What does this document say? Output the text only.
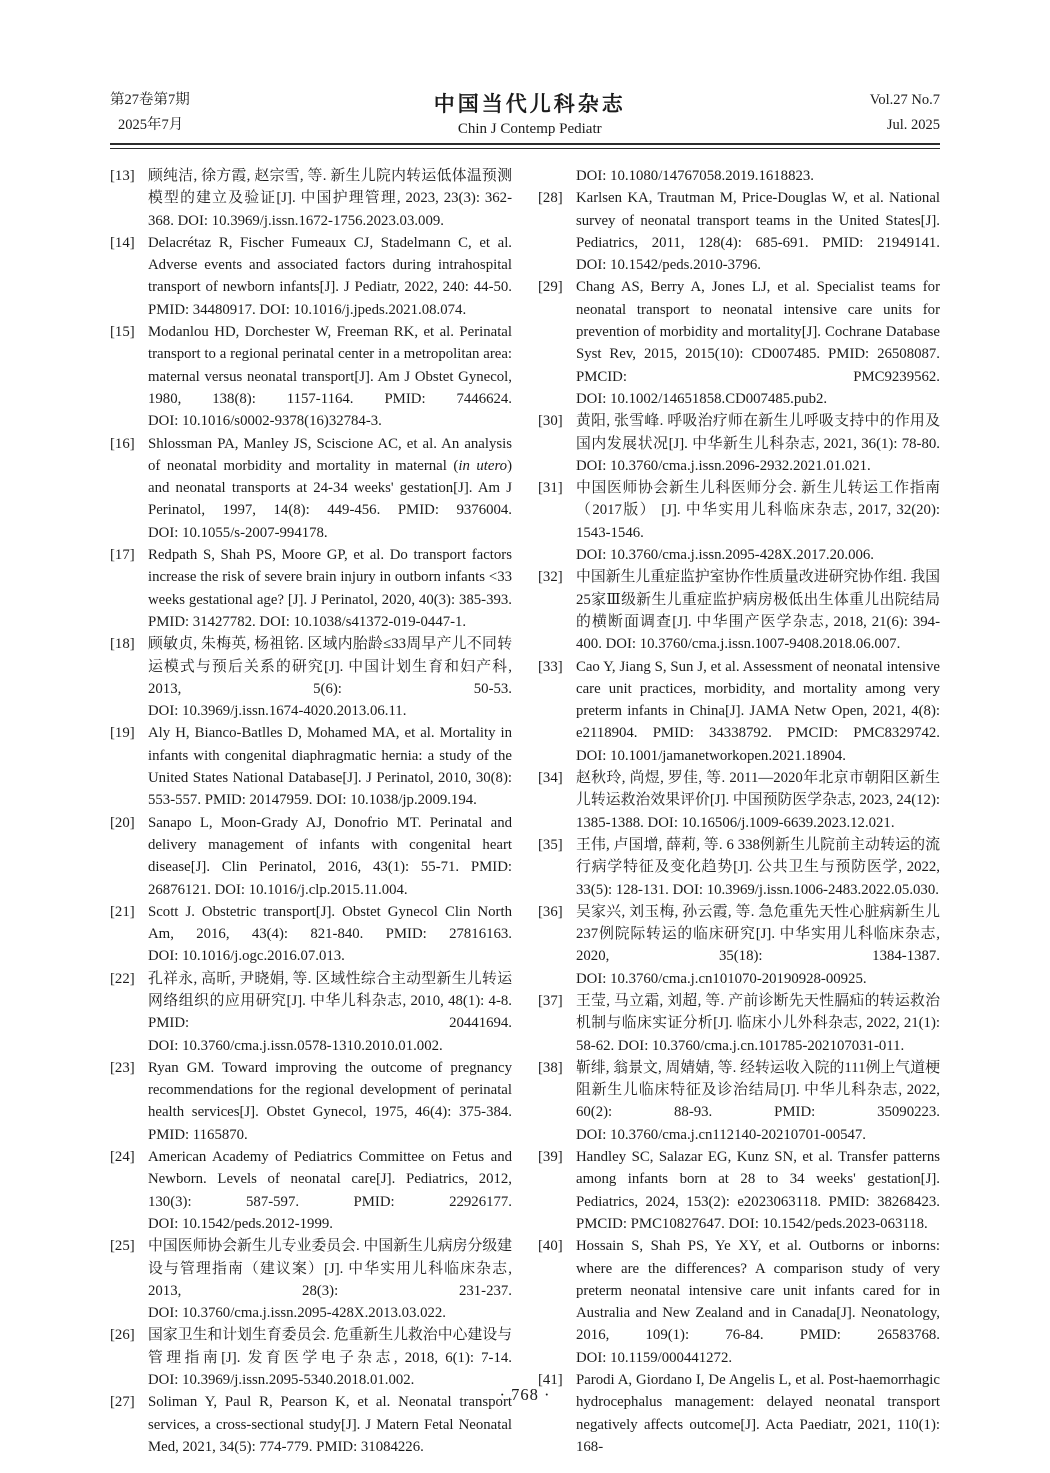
第27卷第7期
2025年7月
中国当代儿科杂志
Chin J Contemp Pediatr
Vol.27 No.7
Jul. 2025
[13] 顾纯洁, 徐方霞, 赵宗雪, 等. 新生儿院内转运低体温预测模型的建立及验证[J]. 中国护理管理, 2023, 23(3): 362-368. DOI: 10.3969/j.issn.1672-1756.2023.03.009.
[14] Delacrétaz R, Fischer Fumeaux CJ, Stadelmann C, et al. Adverse events and associated factors during intrahospital transport of newborn infants[J]. J Pediatr, 2022, 240: 44-50. PMID: 34480917. DOI: 10.1016/j.jpeds.2021.08.074.
[15] Modanlou HD, Dorchester W, Freeman RK, et al. Perinatal transport to a regional perinatal center in a metropolitan area: maternal versus neonatal transport[J]. Am J Obstet Gynecol, 1980, 138(8): 1157-1164. PMID: 7446624. DOI: 10.1016/s0002-9378(16)32784-3.
[16] Shlossman PA, Manley JS, Sciscione AC, et al. An analysis of neonatal morbidity and mortality in maternal (in utero) and neonatal transports at 24-34 weeks' gestation[J]. Am J Perinatol, 1997, 14(8): 449-456. PMID: 9376004. DOI: 10.1055/s-2007-994178.
[17] Redpath S, Shah PS, Moore GP, et al. Do transport factors increase the risk of severe brain injury in outborn infants <33 weeks gestational age? [J]. J Perinatol, 2020, 40(3): 385-393. PMID: 31427782. DOI: 10.1038/s41372-019-0447-1.
[18] 顾敏贞, 朱梅英, 杨祖铭. 区域内胎龄≤33周早产儿不同转运模式与预后关系的研究[J]. 中国计划生育和妇产科, 2013, 5(6): 50-53. DOI: 10.3969/j.issn.1674-4020.2013.06.11.
[19] Aly H, Bianco-Batlles D, Mohamed MA, et al. Mortality in infants with congenital diaphragmatic hernia: a study of the United States National Database[J]. J Perinatol, 2010, 30(8): 553-557. PMID: 20147959. DOI: 10.1038/jp.2009.194.
[20] Sanapo L, Moon-Grady AJ, Donofrio MT. Perinatal and delivery management of infants with congenital heart disease[J]. Clin Perinatol, 2016, 43(1): 55-71. PMID: 26876121. DOI: 10.1016/j.clp.2015.11.004.
[21] Scott J. Obstetric transport[J]. Obstet Gynecol Clin North Am, 2016, 43(4): 821-840. PMID: 27816163. DOI: 10.1016/j.ogc.2016.07.013.
[22] 孔祥永, 高昕, 尹晓娟, 等. 区域性综合主动型新生儿转运网络组织的应用研究[J]. 中华儿科杂志, 2010, 48(1): 4-8. PMID: 20441694. DOI: 10.3760/cma.j.issn.0578-1310.2010.01.002.
[23] Ryan GM. Toward improving the outcome of pregnancy recommendations for the regional development of perinatal health services[J]. Obstet Gynecol, 1975, 46(4): 375-384. PMID: 1165870.
[24] American Academy of Pediatrics Committee on Fetus and Newborn. Levels of neonatal care[J]. Pediatrics, 2012, 130(3): 587-597. PMID: 22926177. DOI: 10.1542/peds.2012-1999.
[25] 中国医师协会新生儿专业委员会. 中国新生儿病房分级建设与管理指南（建议案）[J]. 中华实用儿科临床杂志, 2013, 28(3): 231-237. DOI: 10.3760/cma.j.issn.2095-428X.2013.03.022.
[26] 国家卫生和计划生育委员会. 危重新生儿救治中心建设与管理指南[J]. 发育医学电子杂志, 2018, 6(1): 7-14. DOI: 10.3969/j.issn.2095-5340.2018.01.002.
[27] Soliman Y, Paul R, Pearson K, et al. Neonatal transport services, a cross-sectional study[J]. J Matern Fetal Neonatal Med, 2021, 34(5): 774-779. PMID: 31084226.
DOI: 10.1080/14767058.2019.1618823.
[28] Karlsen KA, Trautman M, Price-Douglas W, et al. National survey of neonatal transport teams in the United States[J]. Pediatrics, 2011, 128(4): 685-691. PMID: 21949141. DOI: 10.1542/peds.2010-3796.
[29] Chang AS, Berry A, Jones LJ, et al. Specialist teams for neonatal transport to neonatal intensive care units for prevention of morbidity and mortality[J]. Cochrane Database Syst Rev, 2015, 2015(10): CD007485. PMID: 26508087. PMCID: PMC9239562. DOI: 10.1002/14651858.CD007485.pub2.
[30] 黄阳, 张雪峰. 呼吸治疗师在新生儿呼吸支持中的作用及国内发展状况[J]. 中华新生儿科杂志, 2021, 36(1): 78-80. DOI: 10.3760/cma.j.issn.2096-2932.2021.01.021.
[31] 中国医师协会新生儿科医师分会. 新生儿转运工作指南（2017版） [J]. 中华实用儿科临床杂志, 2017, 32(20): 1543-1546. DOI: 10.3760/cma.j.issn.2095-428X.2017.20.006.
[32] 中国新生儿重症监护室协作性质量改进研究协作组. 我国25家Ⅲ级新生儿重症监护病房极低出生体重儿出院结局的横断面调查[J]. 中华围产医学杂志, 2018, 21(6): 394-400. DOI: 10.3760/cma.j.issn.1007-9408.2018.06.007.
[33] Cao Y, Jiang S, Sun J, et al. Assessment of neonatal intensive care unit practices, morbidity, and mortality among very preterm infants in China[J]. JAMA Netw Open, 2021, 4(8): e2118904. PMID: 34338792. PMCID: PMC8329742. DOI: 10.1001/jamanetworkopen.2021.18904.
[34] 赵秋玲, 尚煜, 罗佳, 等. 2011—2020年北京市朝阳区新生儿转运救治效果评价[J]. 中国预防医学杂志, 2023, 24(12): 1385-1388. DOI: 10.16506/j.1009-6639.2023.12.021.
[35] 王伟, 卢国增, 薛莉, 等. 6 338例新生儿院前主动转运的流行病学特征及变化趋势[J]. 公共卫生与预防医学, 2022, 33(5): 128-131. DOI: 10.3969/j.issn.1006-2483.2022.05.030.
[36] 吴家兴, 刘玉梅, 孙云霞, 等. 急危重先天性心脏病新生儿237例院际转运的临床研究[J]. 中华实用儿科临床杂志, 2020, 35(18): 1384-1387. DOI: 10.3760/cma.j.cn101070-20190928-00925.
[37] 王莹, 马立霜, 刘超, 等. 产前诊断先天性膈疝的转运救治机制与临床实证分析[J]. 临床小儿外科杂志, 2022, 21(1): 58-62. DOI: 10.3760/cma.j.cn.101785-202107031-011.
[38] 靳绯, 翁景文, 周婧婧, 等. 经转运收入院的111例上气道梗阻新生儿临床特征及诊治结局[J]. 中华儿科杂志, 2022, 60(2): 88-93. PMID: 35090223. DOI: 10.3760/cma.j.cn112140-20210701-00547.
[39] Handley SC, Salazar EG, Kunz SN, et al. Transfer patterns among infants born at 28 to 34 weeks' gestation[J]. Pediatrics, 2024, 153(2): e2023063118. PMID: 38268423. PMCID: PMC10827647. DOI: 10.1542/peds.2023-063118.
[40] Hossain S, Shah PS, Ye XY, et al. Outborns or inborns: where are the differences? A comparison study of very preterm neonatal intensive care unit infants cared for in Australia and New Zealand and in Canada[J]. Neonatology, 2016, 109(1): 76-84. PMID: 26583768. DOI: 10.1159/000441272.
[41] Parodi A, Giordano I, De Angelis L, et al. Post-haemorrhagic hydrocephalus management: delayed neonatal transport negatively affects outcome[J]. Acta Paediatr, 2021, 110(1): 168-
· 768 ·
